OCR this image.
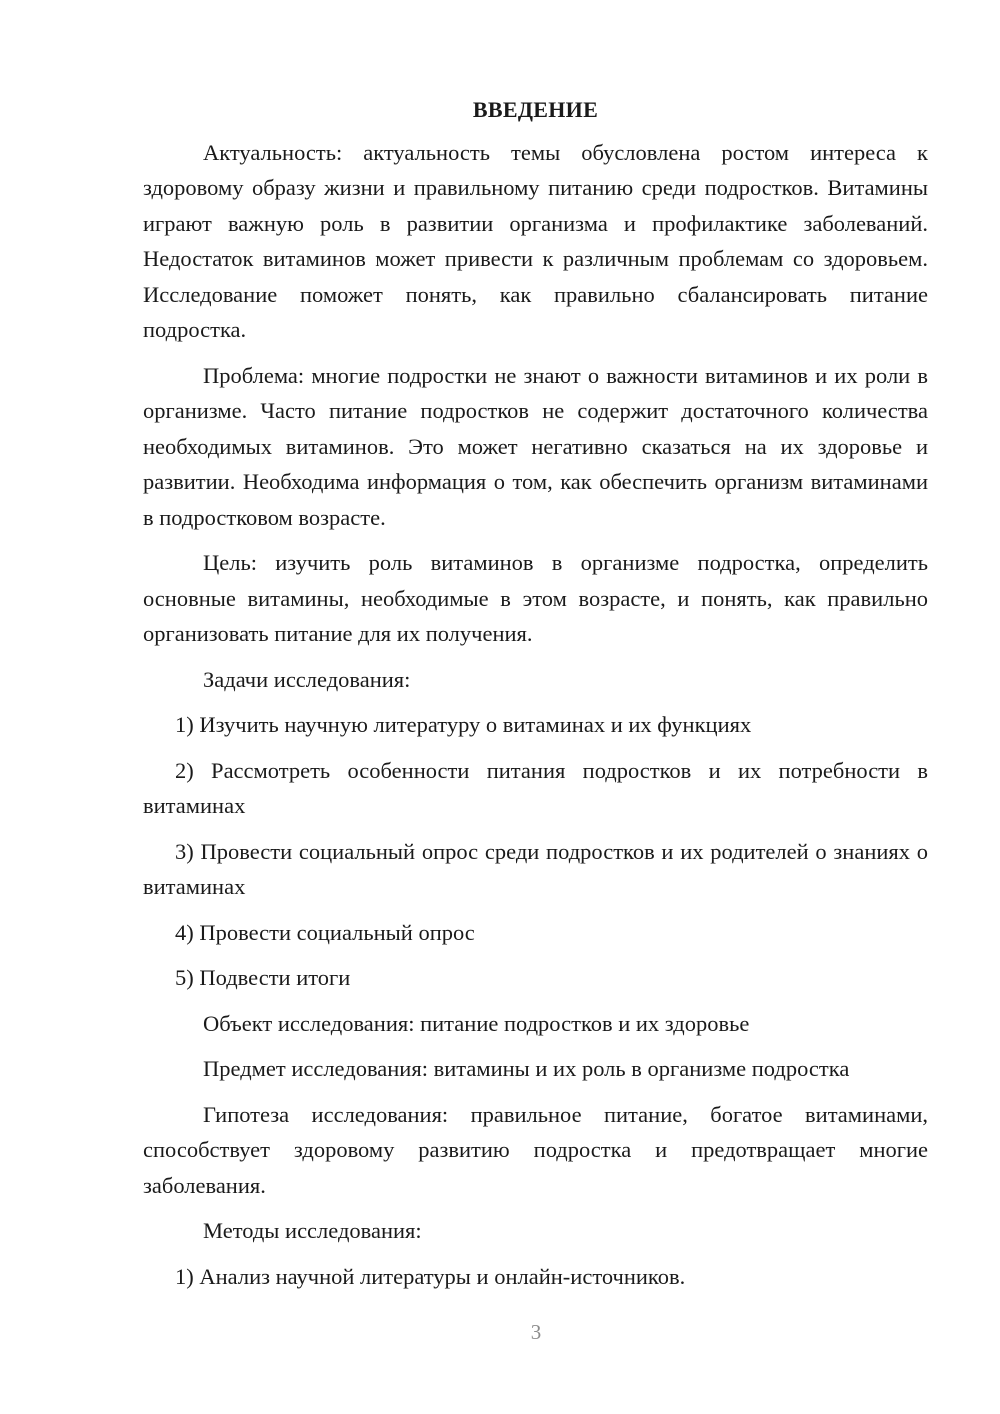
ВВЕДЕНИЕ

Актуальность: актуальность темы обусловлена ростом интереса к здоровому образу жизни и правильному питанию среди подростков. Витамины играют важную роль в развитии организма и профилактике заболеваний. Недостаток витаминов может привести к различным проблемам со здоровьем. Исследование поможет понять, как правильно сбалансировать питание подростка.

Проблема: многие подростки не знают о важности витаминов и их роли в организме. Часто питание подростков не содержит достаточного количества необходимых витаминов. Это может негативно сказаться на их здоровье и развитии. Необходима информация о том, как обеспечить организм витаминами в подростковом возрасте.

Цель: изучить роль витаминов в организме подростка, определить основные витамины, необходимые в этом возрасте, и понять, как правильно организовать питание для их получения.

Задачи исследования:

1) Изучить научную литературу о витаминах и их функциях

2) Рассмотреть особенности питания подростков и их потребности в витаминах

3) Провести социальный опрос среди подростков и их родителей о знаниях о витаминах

4) Провести социальный опрос

5) Подвести итоги

Объект исследования: питание подростков и их здоровье

Предмет исследования: витамины и их роль в организме подростка

Гипотеза исследования: правильное питание, богатое витаминами, способствует здоровому развитию подростка и предотвращает многие заболевания.

Методы исследования:

1) Анализ научной литературы и онлайн-источников.

3
